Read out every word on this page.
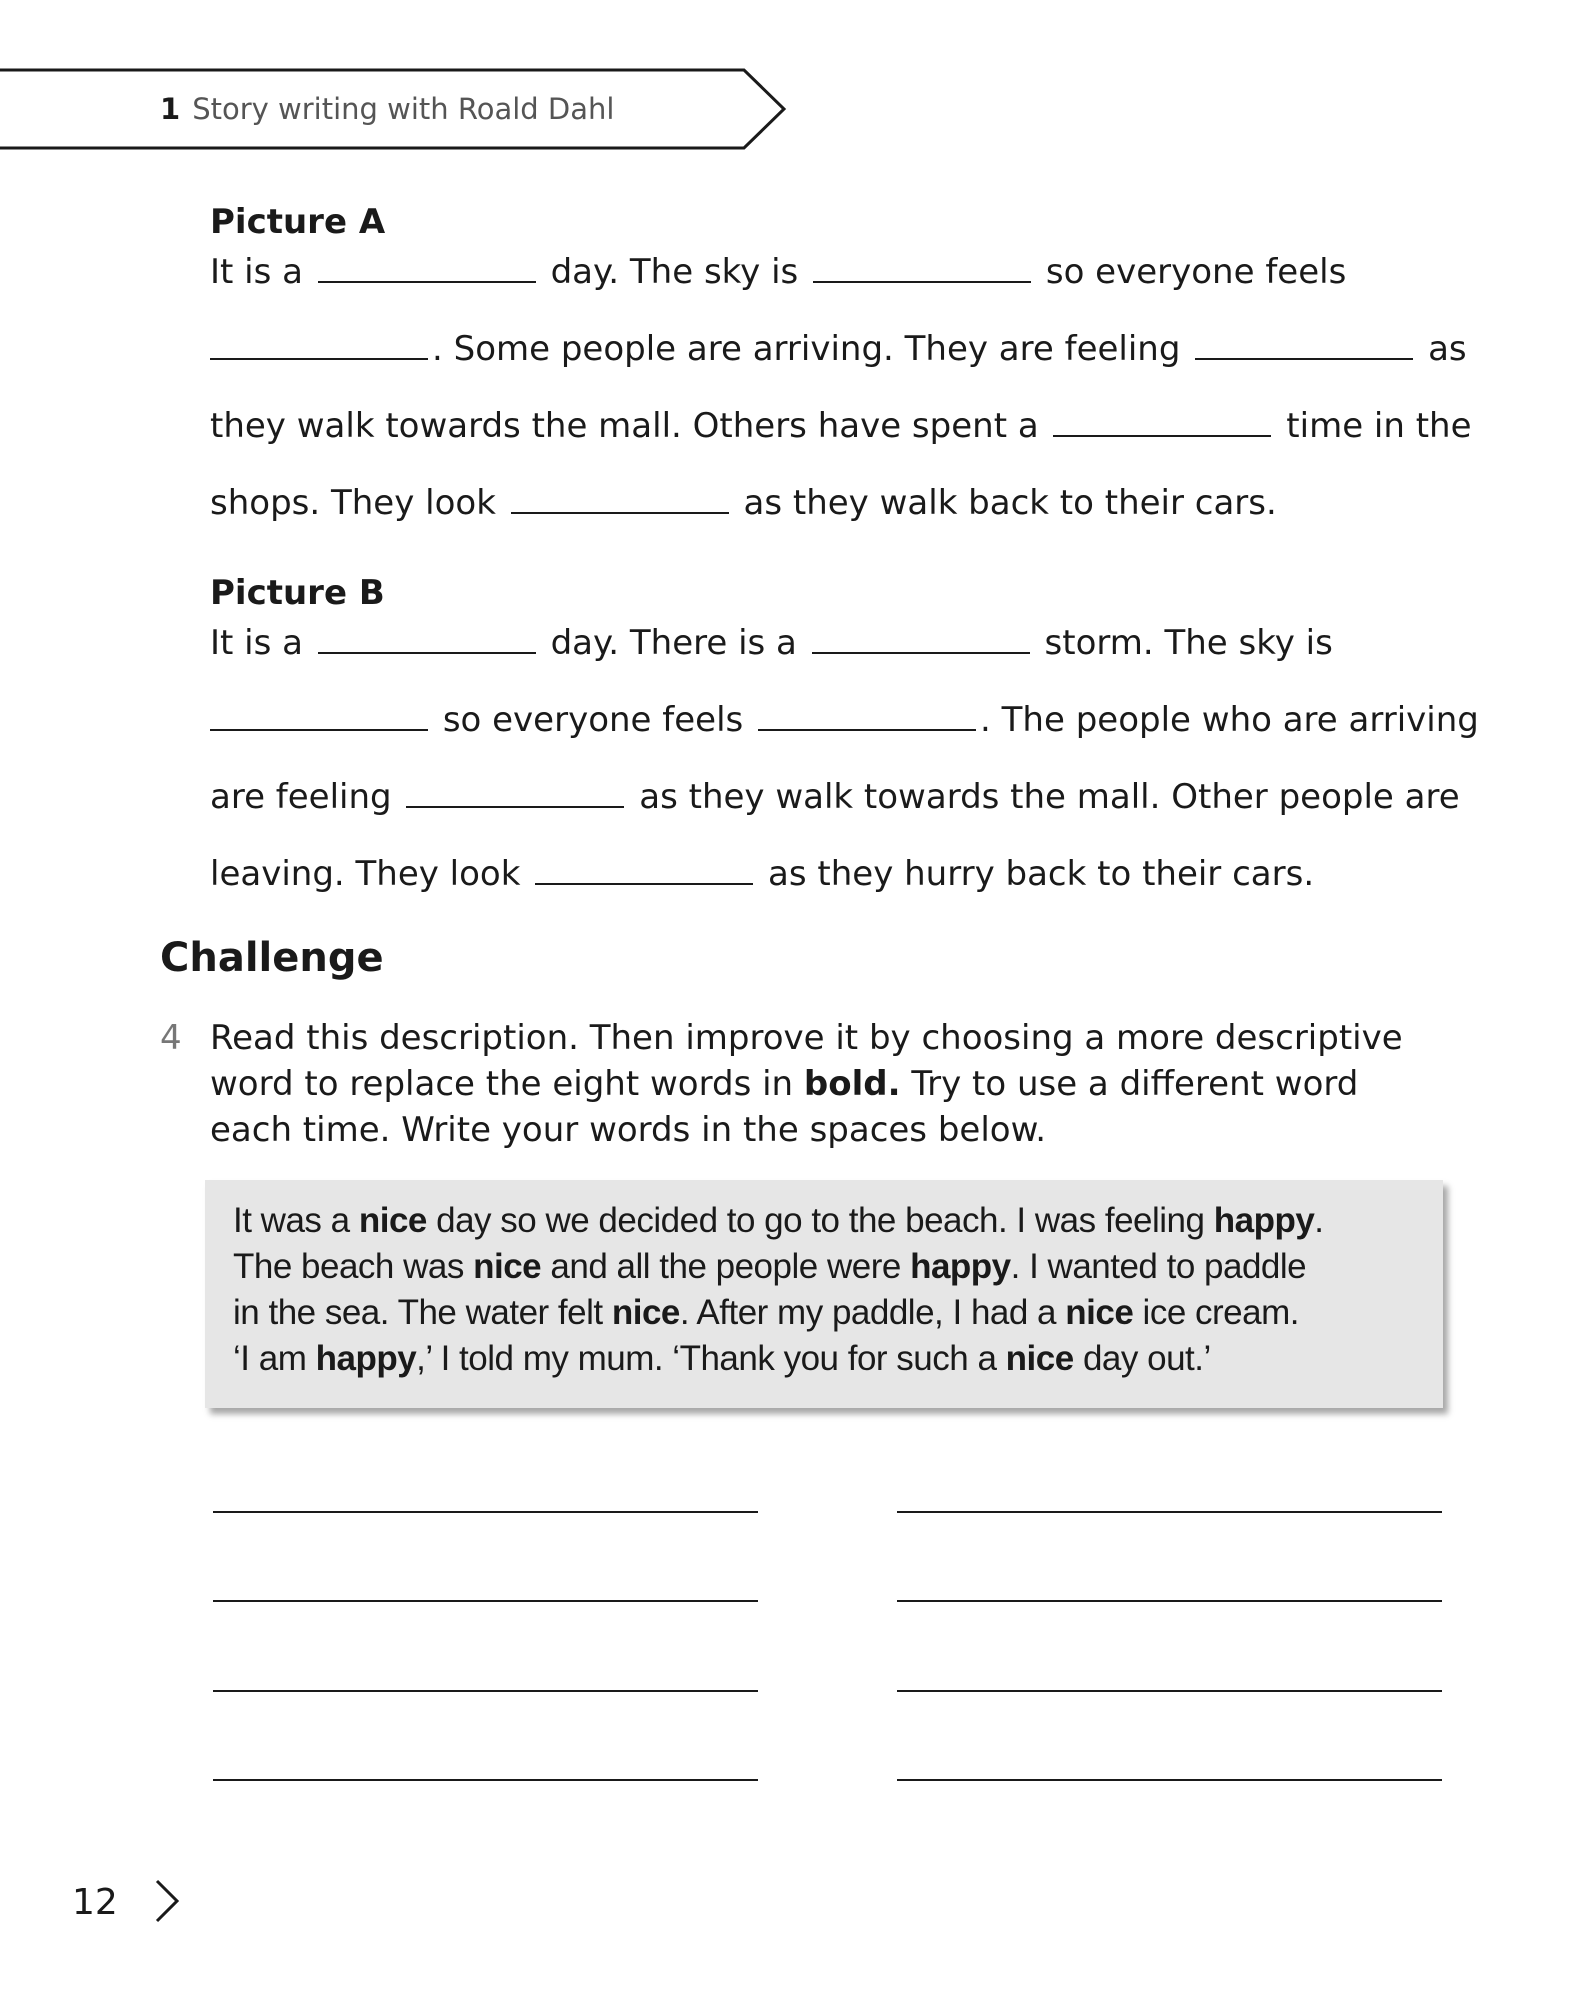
1 Story writing with Roald Dahl
Picture A
It is a	day. The sky is	so everyone feels
. Some people are arriving. They are feeling	as
they walk towards the mall. Others have spent a	time in the
shops. They look	as they walk back to their cars.
Picture B
It is a	day. There is a	storm. The sky is
so everyone feels	. The people who are arriving
are feeling	as they walk towards the mall. Other people are
leaving. They look	as they hurry back to their cars.
Challenge
4 Read this description. Then improve it by choosing a more descriptive word to replace the eight words in bold. Try to use a different word each time. Write your words in the spaces below.

It was a nice day so we decided to go to the beach. I was feeling happy.

The beach was nice and all the people were happy. I wanted to paddle

in the sea. The water felt nice. After my paddle, I had a nice ice cream.

‘I am happy,’ I told my mum. ‘Thank you for such a nice day out.’

12
